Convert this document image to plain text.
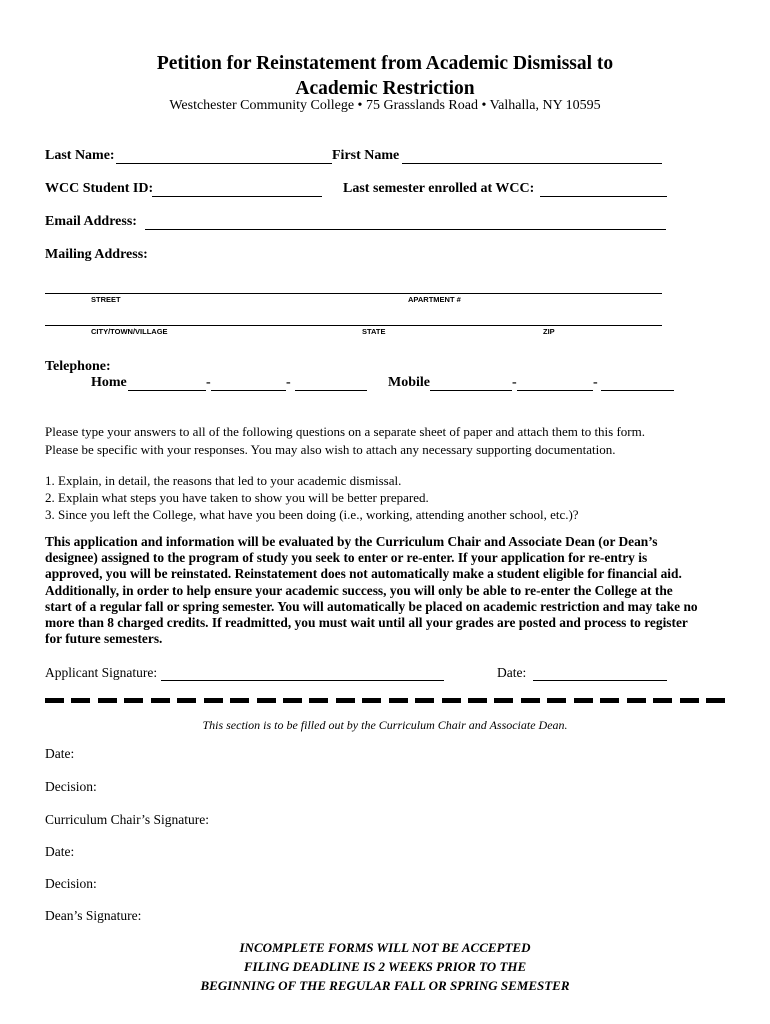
Petition for Reinstatement from Academic Dismissal to
Academic Restriction
Westchester Community College • 75 Grasslands Road • Valhalla, NY 10595
Last Name:	First Name
WCC Student ID:	Last semester enrolled at WCC:
Email Address:
Mailing Address:
STREET	APARTMENT #
CITY/TOWN/VILLAGE	STATE	ZIP
Telephone:
Home	-	-	Mobile	-	-
Please type your answers to all of the following questions on a separate sheet of paper and attach them to this form.
Please be specific with your responses. You may also wish to attach any necessary supporting documentation.
1. Explain, in detail, the reasons that led to your academic dismissal.
2. Explain what steps you have taken to show you will be better prepared.
3. Since you left the College, what have you been doing (i.e., working, attending another school, etc.)?
This application and information will be evaluated by the Curriculum Chair and Associate Dean (or Dean’s
designee) assigned to the program of study you seek to enter or re-enter. If your application for re-entry is
approved, you will be reinstated. Reinstatement does not automatically make a student eligible for financial aid.
Additionally, in order to help ensure your academic success, you will only be able to re-enter the College at the
start of a regular fall or spring semester. You will automatically be placed on academic restriction and may take no
more than 8 charged credits. If readmitted, you must wait until all your grades are posted and process to register
for future semesters.
Applicant Signature:	Date:
This section is to be filled out by the Curriculum Chair and Associate Dean.
Date:
Decision:
Curriculum Chair’s Signature:
Date:
Decision:
Dean’s Signature:
INCOMPLETE FORMS WILL NOT BE ACCEPTED
FILING DEADLINE IS 2 WEEKS PRIOR TO THE
BEGINNING OF THE REGULAR FALL OR SPRING SEMESTER
